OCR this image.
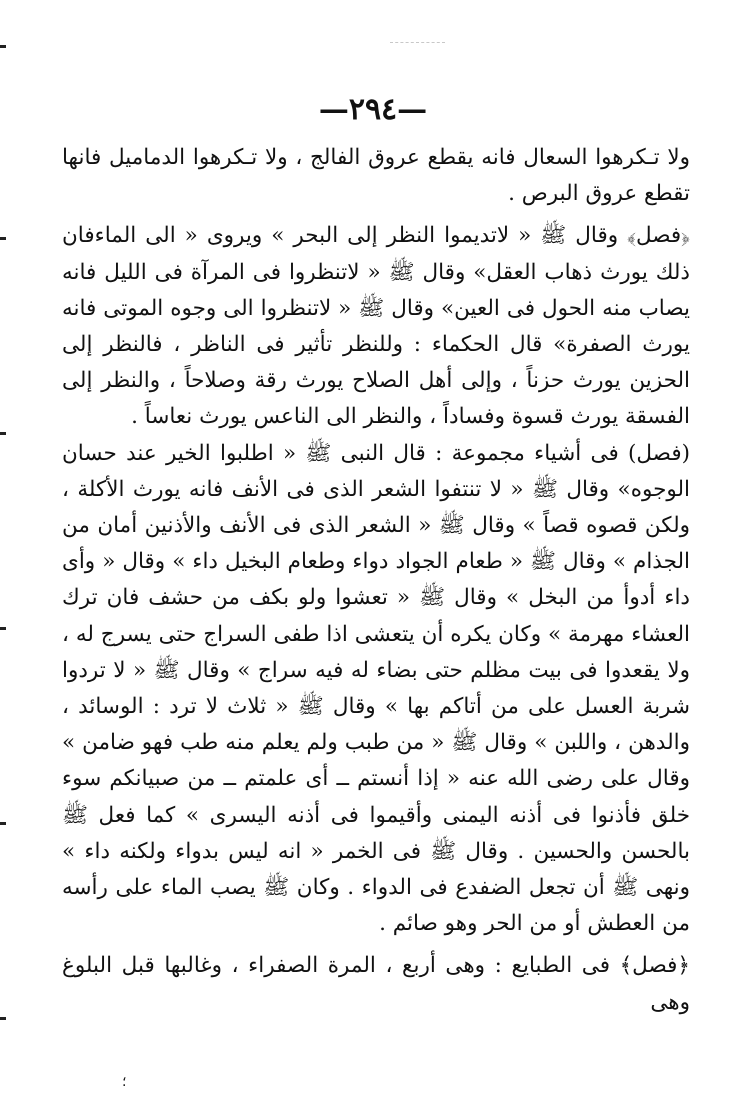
—٢٩٤—

ولا تـكرهوا السعال فانه يقطع عروق الفالج ، ولا تـكرهوا الدماميل فانها تقطع عروق البرص .

﴿فصل﴾ وقال ﷺ « لاتديموا النظر إلى البحر » ويروى « الى الماءفان ذلك يورث ذهاب العقل» وقال ﷺ « لاتنظروا فى المرآة فى الليل فانه يصاب منه الحول فى العين» وقال ﷺ « لاتنظروا الى وجوه الموتى فانه يورث الصفرة» قال الحكماء : وللنظر تأثير فى الناظر ، فالنظر إلى الحزين يورث حزناً ، وإلى أهل الصلاح يورث رقة وصلاحاً ، والنظر إلى الفسقة يورث قسوة وفساداً ، والنظر الى الناعس يورث نعاساً .

(فصل) فى أشياء مجموعة : قال النبى ﷺ « اطلبوا الخير عند حسان الوجوه» وقال ﷺ « لا تنتفوا الشعر الذى فى الأنف فانه يورث الأكلة ، ولكن قصوه قصاً » وقال ﷺ « الشعر الذى فى الأنف والأذنين أمان من الجذام » وقال ﷺ « طعام الجواد دواء وطعام البخيل داء » وقال « وأى داء أدوأ من البخل » وقال ﷺ « تعشوا ولو بكف من حشف فان ترك العشاء مهرمة » وكان يكره أن يتعشى اذا طفى السراج حتى يسرج له ، ولا يقعدوا فى بيت مظلم حتى بضاء له فيه سراج » وقال ﷺ « لا تردوا شربة العسل على من أتاكم بها » وقال ﷺ « ثلاث لا ترد : الوسائد ، والدهن ، واللبن » وقال ﷺ « من طبب ولم يعلم منه طب فهو ضامن » وقال على رضى الله عنه « إذا أنستم ــ أى علمتم ــ من صبيانكم سوء خلق فأذنوا فى أذنه اليمنى وأقيموا فى أذنه اليسرى » كما فعل ﷺ بالحسن والحسين . وقال ﷺ فى الخمر « انه ليس بدواء ولكنه داء » ونهى ﷺ أن تجعل الضفدع فى الدواء . وكان ﷺ يصب الماء على رأسه من العطش أو من الحر وهو صائم .

﴿فصل﴾ فى الطبايع : وهى أربع ، المرة الصفراء ، وغالبها قبل البلوغ وهى

؛
